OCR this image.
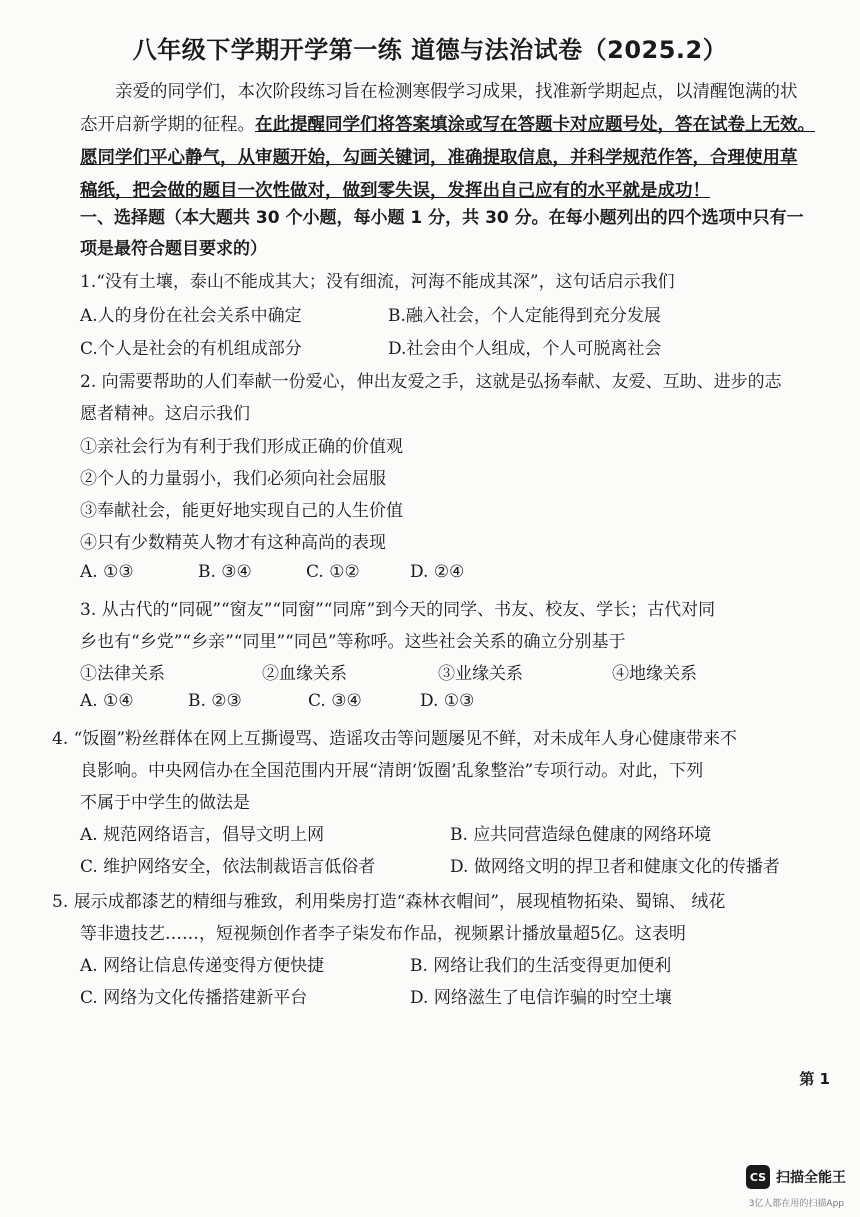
八年级下学期开学第一练 道德与法治试卷（2025.2）
亲爱的同学们，本次阶段练习旨在检测寒假学习成果，找准新学期起点，以清醒饱满的状
态开启新学期的征程。在此提醒同学们将答案填涂或写在答题卡对应题号处，答在试卷上无效。
愿同学们平心静气，从审题开始，勾画关键词，准确提取信息，并科学规范作答，合理使用草
稿纸，把会做的题目一次性做对，做到零失误，发挥出自己应有的水平就是成功！
一、选择题（本大题共 30 个小题，每小题 1 分，共 30 分。在每小题列出的四个选项中只有一
项是最符合题目要求的）
1.“没有土壤，泰山不能成其大；没有细流，河海不能成其深”，这句话启示我们
A.人的身份在社会关系中确定	B.融入社会，个人定能得到充分发展
C.个人是社会的有机组成部分	D.社会由个人组成，个人可脱离社会
2. 向需要帮助的人们奉献一份爱心，伸出友爱之手，这就是弘扬奉献、友爱、互助、进步的志
愿者精神。这启示我们
①亲社会行为有利于我们形成正确的价值观
②个人的力量弱小，我们必须向社会屈服
③奉献社会，能更好地实现自己的人生价值
④只有少数精英人物才有这种高尚的表现
A. ①③	B. ③④	C. ①②	D. ②④
3. 从古代的“同砚”“窗友”“同窗”“同席”到今天的同学、书友、校友、学长；古代对同
乡也有“乡党”“乡亲”“同里”“同邑”等称呼。这些社会关系的确立分别基于
①法律关系	②血缘关系	③业缘关系	④地缘关系
A. ①④	B. ②③	C. ③④	D. ①③
4. “饭圈”粉丝群体在网上互撕谩骂、造谣攻击等问题屡见不鲜，对未成年人身心健康带来不
良影响。中央网信办在全国范围内开展“清朗‘饭圈’乱象整治”专项行动。对此，下列
不属于中学生的做法是
A. 规范网络语言，倡导文明上网	B. 应共同营造绿色健康的网络环境
C. 维护网络安全，依法制裁语言低俗者	D. 做网络文明的捍卫者和健康文化的传播者
5. 展示成都漆艺的精细与雅致，利用柴房打造“森林衣帽间”，展现植物拓染、蜀锦、 绒花
等非遗技艺……，短视频创作者李子柒发布作品，视频累计播放量超5亿。这表明
A. 网络让信息传递变得方便快捷	B. 网络让我们的生活变得更加便利
C. 网络为文化传播搭建新平台	D. 网络滋生了电信诈骗的时空土壤
第 1
CS 扫描全能王
3亿人都在用的扫描App
